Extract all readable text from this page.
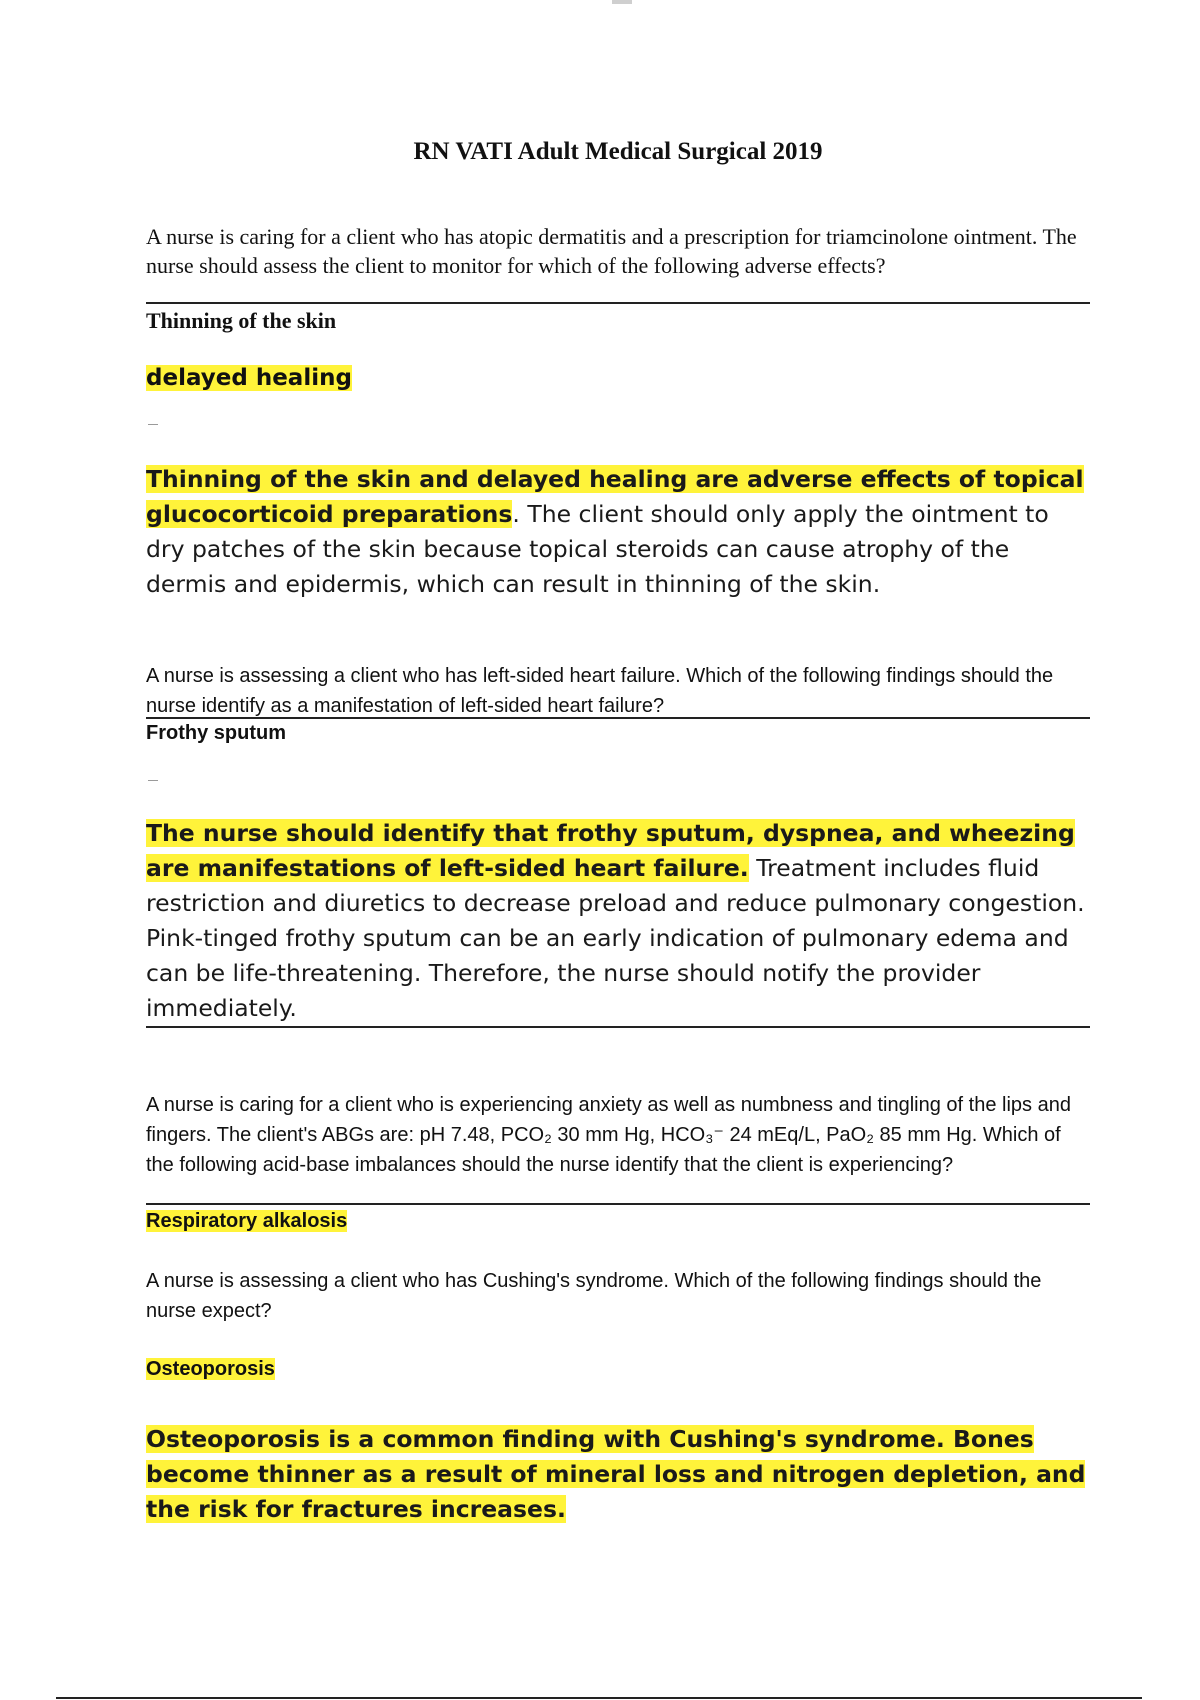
RN VATI Adult Medical Surgical 2019
A nurse is caring for a client who has atopic dermatitis and a prescription for triamcinolone ointment. The nurse should assess the client to monitor for which of the following adverse effects?
Thinning of the skin
delayed healing
Thinning of the skin and delayed healing are adverse effects of topical glucocorticoid preparations. The client should only apply the ointment to dry patches of the skin because topical steroids can cause atrophy of the dermis and epidermis, which can result in thinning of the skin.
A nurse is assessing a client who has left-sided heart failure. Which of the following findings should the nurse identify as a manifestation of left-sided heart failure?
Frothy sputum
The nurse should identify that frothy sputum, dyspnea, and wheezing are manifestations of left-sided heart failure. Treatment includes fluid restriction and diuretics to decrease preload and reduce pulmonary congestion. Pink-tinged frothy sputum can be an early indication of pulmonary edema and can be life-threatening. Therefore, the nurse should notify the provider immediately.
A nurse is caring for a client who is experiencing anxiety as well as numbness and tingling of the lips and fingers. The client's ABGs are: pH 7.48, PCO₂ 30 mm Hg, HCO₃⁻ 24 mEq/L, PaO₂ 85 mm Hg. Which of the following acid-base imbalances should the nurse identify that the client is experiencing?
Respiratory alkalosis
A nurse is assessing a client who has Cushing's syndrome. Which of the following findings should the nurse expect?
Osteoporosis
Osteoporosis is a common finding with Cushing's syndrome. Bones become thinner as a result of mineral loss and nitrogen depletion, and the risk for fractures increases.
